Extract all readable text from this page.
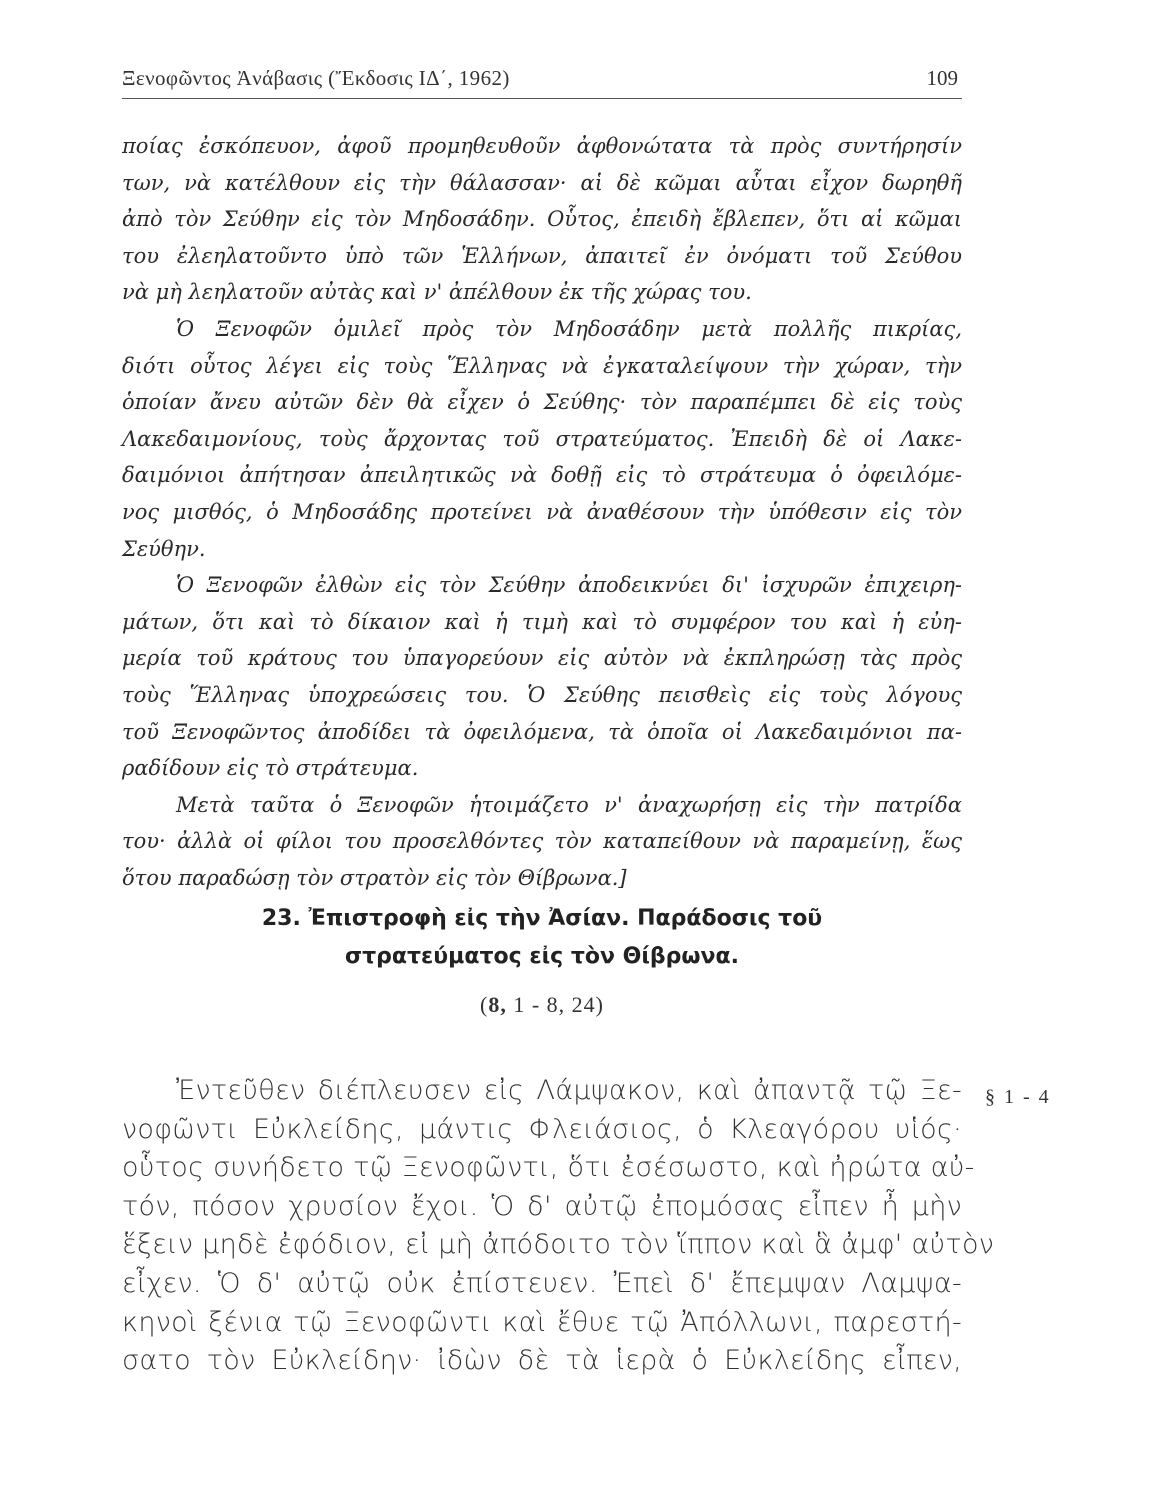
Ξενοφῶντος Ἀνάβασις (Ἔκδοσις ΙΔ΄, 1962)	109
ποίας ἐσκόπευον, ἀφοῦ προμηθευθοῦν ἀφθονώτατα τὰ πρὸς συντήρησίν
των, νὰ κατέλθουν εἰς τὴν θάλασσαν· αἱ δὲ κῶμαι αὗται εἶχον δωρηθῆ
ἀπὸ τὸν Σεύθην εἰς τὸν Μηδοσάδην. Οὗτος, ἐπειδὴ ἔβλεπεν, ὅτι αἱ κῶμαι
του ἐλεηλατοῦντο ὑπὸ τῶν Ἑλλήνων, ἀπαιτεῖ ἐν ὀνόματι τοῦ Σεύθου
νὰ μὴ λεηλατοῦν αὐτὰς καὶ ν' ἀπέλθουν ἐκ τῆς χώρας του.
Ὁ Ξενοφῶν ὁμιλεῖ πρὸς τὸν Μηδοσάδην μετὰ πολλῆς πικρίας,
διότι οὗτος λέγει εἰς τοὺς Ἕλληνας νὰ ἐγκαταλείψουν τὴν χώραν, τὴν
ὁποίαν ἄνευ αὐτῶν δὲν θὰ εἶχεν ὁ Σεύθης· τὸν παραπέμπει δὲ εἰς τοὺς
Λακεδαιμονίους, τοὺς ἄρχοντας τοῦ στρατεύματος. Ἐπειδὴ δὲ οἱ Λακε-
δαιμόνιοι ἀπήτησαν ἀπειλητικῶς νὰ δοθῇ εἰς τὸ στράτευμα ὁ ὀφειλόμε-
νος μισθός, ὁ Μηδοσάδης προτείνει νὰ ἀναθέσουν τὴν ὑπόθεσιν εἰς τὸν
Σεύθην.
Ὁ Ξενοφῶν ἐλθὼν εἰς τὸν Σεύθην ἀποδεικνύει δι' ἰσχυρῶν ἐπιχειρη-
μάτων, ὅτι καὶ τὸ δίκαιον καὶ ἡ τιμὴ καὶ τὸ συμφέρον του καὶ ἡ εὐη-
μερία τοῦ κράτους του ὑπαγορεύουν εἰς αὐτὸν νὰ ἐκπληρώσῃ τὰς πρὸς
τοὺς Ἕλληνας ὑποχρεώσεις του. Ὁ Σεύθης πεισθεὶς εἰς τοὺς λόγους
τοῦ Ξενοφῶντος ἀποδίδει τὰ ὀφειλόμενα, τὰ ὁποῖα οἱ Λακεδαιμόνιοι πα-
ραδίδουν εἰς τὸ στράτευμα.
Μετὰ ταῦτα ὁ Ξενοφῶν ἡτοιμάζετο ν' ἀναχωρήσῃ εἰς τὴν πατρίδα
του· ἀλλὰ οἱ φίλοι του προσελθόντες τὸν καταπείθουν νὰ παραμείνῃ, ἕως
ὅτου παραδώσῃ τὸν στρατὸν εἰς τὸν Θίβρωνα.]
23. Ἐπιστροφὴ εἰς τὴν Ἀσίαν. Παράδοσις τοῦ
στρατεύματος εἰς τὸν Θίβρωνα.
(8, 1 - 8, 24)
Ἐντεῦθεν διέπλευσεν εἰς Λάμψακον, καὶ ἀπαντᾷ τῷ Ξε-
νοφῶντι Εὐκλείδης, μάντις Φλειάσιος, ὁ Κλεαγόρου υἱός·
οὗτος συνήδετο τῷ Ξενοφῶντι, ὅτι ἐσέσωστο, καὶ ἠρώτα αὐ-
τόν, πόσον χρυσίον ἔχοι. Ὁ δ' αὐτῷ ἐπομόσας εἶπεν ἦ μὴν
ἕξειν μηδὲ ἐφόδιον, εἰ μὴ ἀπόδοιτο τὸν ἵππον καὶ ἃ ἀμφ' αὐτὸν
εἶχεν. Ὁ δ' αὐτῷ οὐκ ἐπίστευεν. Ἐπεὶ δ' ἔπεμψαν Λαμψα-
κηνοὶ ξένια τῷ Ξενοφῶντι καὶ ἔθυε τῷ Ἀπόλλωνι, παρεστή-
σατο τὸν Εὐκλείδην· ἰδὼν δὲ τὰ ἱερὰ ὁ Εὐκλείδης εἶπεν,
§ 1 - 4
